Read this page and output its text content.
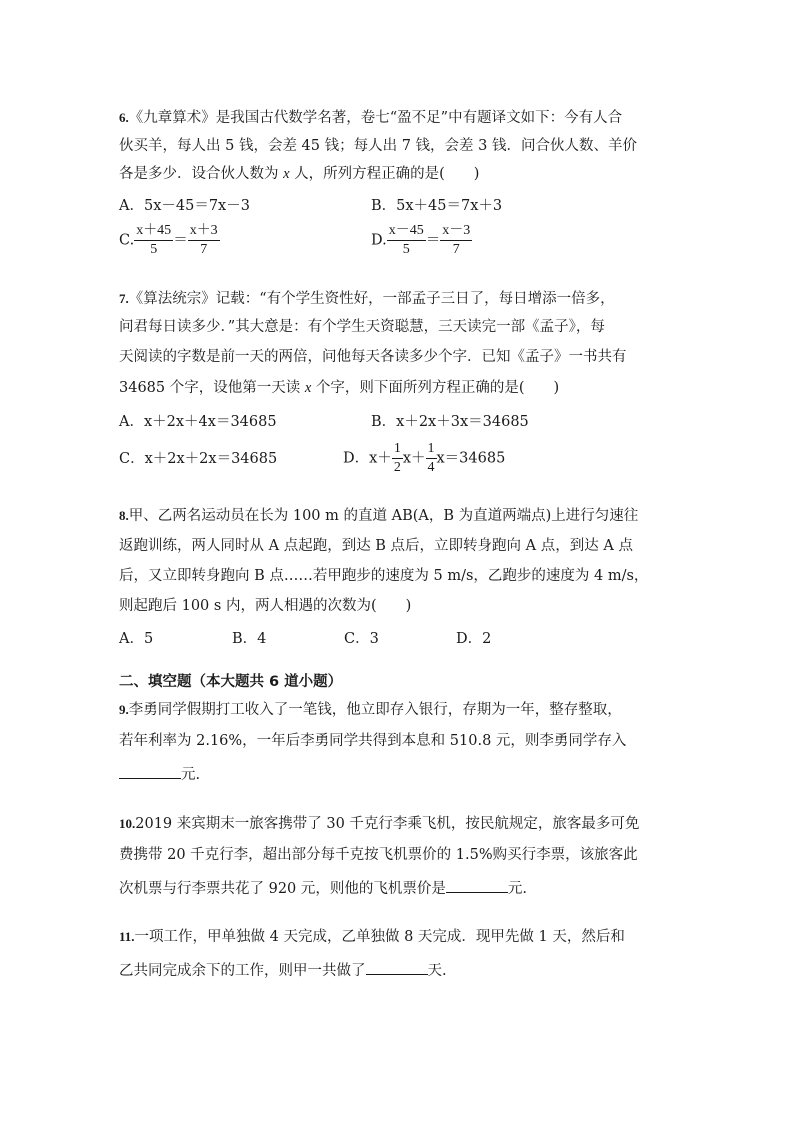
6.《九章算术》是我国古代数学名著，卷七“盈不足”中有题译文如下：今有人合
伙买羊，每人出 5 钱，会差 45 钱；每人出 7 钱，会差 3 钱．问合伙人数、羊价
各是多少．设合伙人数为 x 人，所列方程正确的是(　　)
A．5x－45＝7x－3	B．5x＋45＝7x＋3
C. $\frac{x+45}{5} = \frac{x+3}{7}$	D. $\frac{x-45}{5} = \frac{x-3}{7}$
7.《算法统宗》记载：“有个学生资性好，一部孟子三日了，每日增添一倍多，
问君每日读多少．”其大意是：有个学生天资聪慧，三天读完一部《孟子》，每
天阅读的字数是前一天的两倍，问他每天各读多少个字．已知《孟子》一书共有
34685 个字，设他第一天读 x 个字，则下面所列方程正确的是(　　)
A．x＋2x＋4x＝34685	B．x＋2x＋3x＝34685
C．x＋2x＋2x＝34685	D．$x+ \frac{1}{2} x+ \frac{1}{4} x=34685$
8.甲、乙两名运动员在长为 100 m 的直道 AB(A，B 为直道两端点)上进行匀速往
返跑训练，两人同时从 A 点起跑，到达 B 点后，立即转身跑向 A 点，到达 A 点
后，又立即转身跑向 B 点……若甲跑步的速度为 5 m/s，乙跑步的速度为 4 m/s，
则起跑后 100 s 内，两人相遇的次数为(　　)
A．5	B．4	C．3	D．2
二、填空题（本大题共 6 道小题）
9.李勇同学假期打工收入了一笔钱，他立即存入银行，存期为一年，整存整取，
若年利率为 2.16%，一年后李勇同学共得到本息和 510.8 元，则李勇同学存入
元.
10.2019 来宾期末一旅客携带了 30 千克行李乘飞机，按民航规定，旅客最多可免
费携带 20 千克行李，超出部分每千克按飞机票价的 1.5%购买行李票，该旅客此
次机票与行李票共花了 920 元，则他的飞机票价是	元.
11.一项工作，甲单独做 4 天完成，乙单独做 8 天完成．现甲先做 1 天，然后和
乙共同完成余下的工作，则甲一共做了	天.
